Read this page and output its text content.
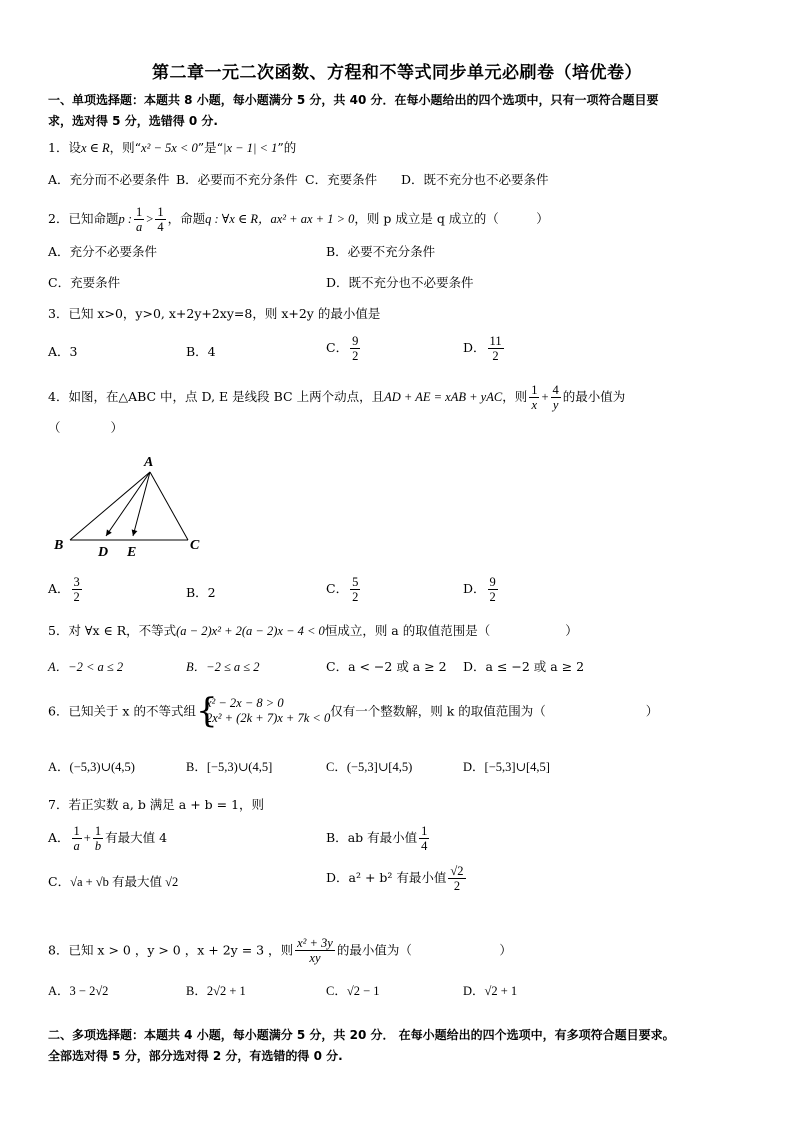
第二章一元二次函数、方程和不等式同步单元必刷卷（培优卷）
一、单项选择题：本题共 8 小题，每小题满分 5 分，共 40 分．在每小题给出的四个选项中，只有一项符合题目要
求，选对得 5 分，选错得 0 分.
1．设x ∈ R，则“x² − 5x < 0”是“|x − 1| < 1”的
A．充分而不必要条件 B．必要而不充分条件 C．充要条件 D．既不充分也不必要条件
2．已知命题p : $\frac{1}{a} > \frac{1}{4}$ ，命题q : ∀x ∈ R，ax² + ax + 1 > 0，则 p 成立是 q 成立的（　　　）
A．充分不必要条件	B．必要不充分条件
C．充要条件	D．既不充分也不必要条件
3．已知 x>0，y>0, x+2y+2xy=8，则 x+2y 的最小值是
A．3	B．4	C． $\frac{9}{2}$	D． $\frac{11}{2}$
4．如图，在△ABC 中，点 D, E 是线段 BC 上两个动点，且AD + AE = xAB + yAC，则 $\frac{1}{x} + \frac{4}{y}$ 的最小值为
（　　　　）
A
B	C
D E
A． $\frac{3}{2}$	B．2	C． $\frac{5}{2}$	D． $\frac{9}{2}$
5．对 ∀x ∈ R，不等式(a − 2)x² + 2(a − 2)x − 4 < 0恒成立，则 a 的取值范围是（　　　　　　）
A．−2 < a ≤ 2	B．−2 ≤ a ≤ 2	C．a < −2 或 a ≥ 2 D．a ≤ −2 或 a ≥ 2
6．已知关于 x 的不等式组 {
x² − 2x − 8 > 0
2x² + (2k + 7)x + 7k < 0 仅有一个整数解，则 k 的取值范围为（　　　　　　　　）
A．(−5,3)∪(4,5)	B．[−5,3)∪(4,5]	C．(−5,3]∪[4,5)	D．[−5,3]∪[4,5]
7．若正实数 a, b 满足 a + b = 1，则
A． $\frac{1}{a} + \frac{1}{b}$ 有最大值 4	B．ab 有最小值 $\frac{1}{4}$
C．√a + √b 有最大值 √2	D．a² + b² 有最小值 $\frac{√2}{2}$
8．已知 x > 0 ，y > 0 ，x + 2y = 3 ，则 $\frac{\text{x² + 3y}}{xy}$ 的最小值为（　　　　　　　）
A．3 − 2√2	B．2√2 + 1	C．√2 − 1	D．√2 + 1
二、多项选择题：本题共 4 小题，每小题满分 5 分，共 20 分． 在每小题给出的四个选项中，有多项符合题目要求。
全部选对得 5 分，部分选对得 2 分，有选错的得 0 分.
